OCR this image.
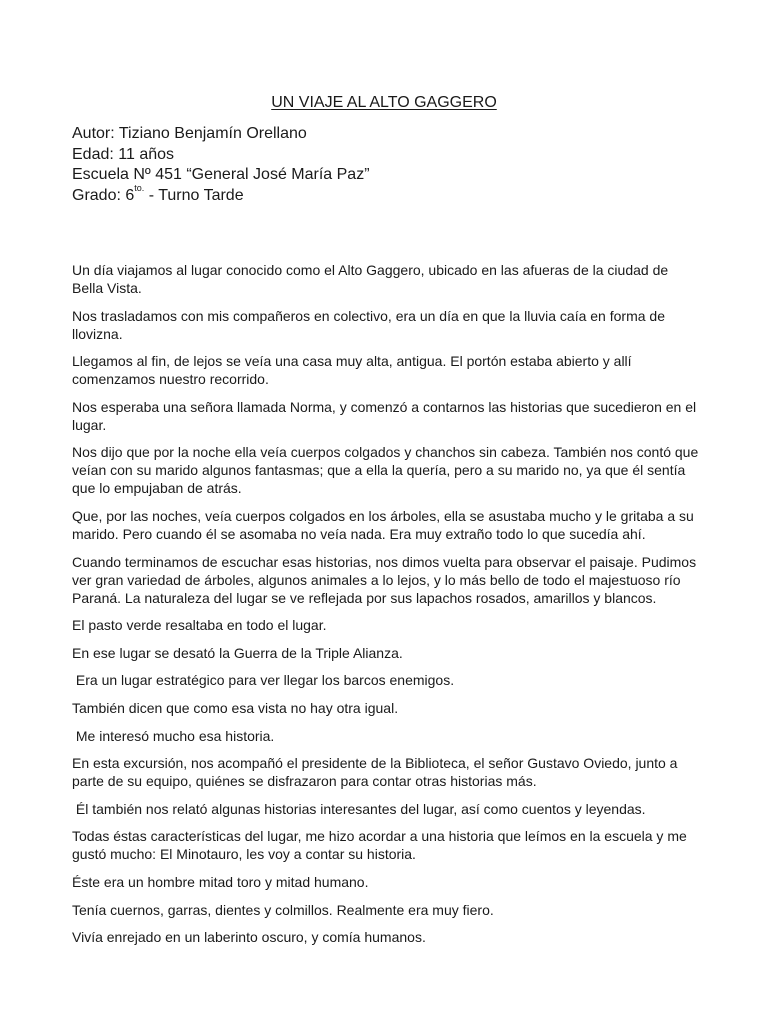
UN VIAJE AL ALTO GAGGERO
Autor: Tiziano Benjamín Orellano
Edad: 11 años
Escuela Nº 451 “General José María Paz”
Grado: $6^{to.}$ - Turno Tarde

Un día viajamos al lugar conocido como el Alto Gaggero, ubicado en las afueras de la ciudad de Bella Vista.

Nos trasladamos con mis compañeros en colectivo, era un día en que la lluvia caía en forma de llovizna.

Llegamos al fin, de lejos se veía una casa muy alta, antigua. El portón estaba abierto y allí comenzamos nuestro recorrido.

Nos esperaba una señora llamada Norma, y comenzó a contarnos las historias que sucedieron en el lugar.

Nos dijo que por la noche ella veía cuerpos colgados y chanchos sin cabeza. También nos contó que veían con su marido algunos fantasmas; que a ella la quería, pero a su marido no, ya que él sentía que lo empujaban de atrás.

Que, por las noches, veía cuerpos colgados en los árboles, ella se asustaba mucho y le gritaba a su marido. Pero cuando él se asomaba no veía nada. Era muy extraño todo lo que sucedía ahí.

Cuando terminamos de escuchar esas historias, nos dimos vuelta para observar el paisaje. Pudimos ver gran variedad de árboles, algunos animales a lo lejos, y lo más bello de todo el majestuoso río Paraná. La naturaleza del lugar se ve reflejada por sus lapachos rosados, amarillos y blancos.

El pasto verde resaltaba en todo el lugar.

En ese lugar se desató la Guerra de la Triple Alianza.

Era un lugar estratégico para ver llegar los barcos enemigos.

También dicen que como esa vista no hay otra igual.

Me interesó mucho esa historia.

En esta excursión, nos acompañó el presidente de la Biblioteca, el señor Gustavo Oviedo, junto a parte de su equipo, quiénes se disfrazaron para contar otras historias más.

Él también nos relató algunas historias interesantes del lugar, así como cuentos y leyendas.

Todas éstas características del lugar, me hizo acordar a una historia que leímos en la escuela y me gustó mucho: El Minotauro, les voy a contar su historia.

Éste era un hombre mitad toro y mitad humano.

Tenía cuernos, garras, dientes y colmillos. Realmente era muy fiero.

Vivía enrejado en un laberinto oscuro, y comía humanos.
